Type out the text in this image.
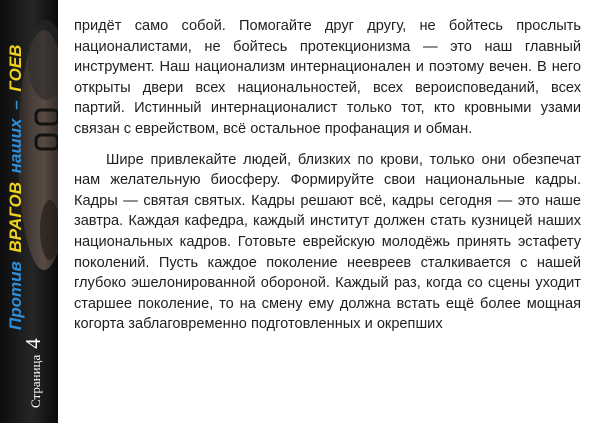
Против ВРАГОВ наших – ГОЕВ
Страница 4

придёт само собой. Помогайте друг другу, не бойтесь прослыть националистами, не бойтесь протекционизма — это наш главный инструмент. Наш национализм интернационален и поэтому вечен. В него открыты двери всех национальностей, всех вероисповеданий, всех партий. Истинный интернационалист только тот, кто кровными узами связан с еврейством, всё остальное профанация и обман.

Шире привлекайте людей, близких по крови, только они обезпечат нам желательную биосферу. Формируйте свои национальные кадры. Кадры — святая святых. Кадры решают всё, кадры сегодня — это наше завтра. Каждая кафедра, каждый институт должен стать кузницей наших национальных кадров. Готовьте еврейскую молодёжь принять эстафету поколений. Пусть каждое поколение неевреев сталкивается с нашей глубоко эшелонированной обороной. Каждый раз, когда со сцены уходит старшее поколение, то на смену ему должна встать ещё более мощная когорта заблаговременно подготовленных и окрепших
